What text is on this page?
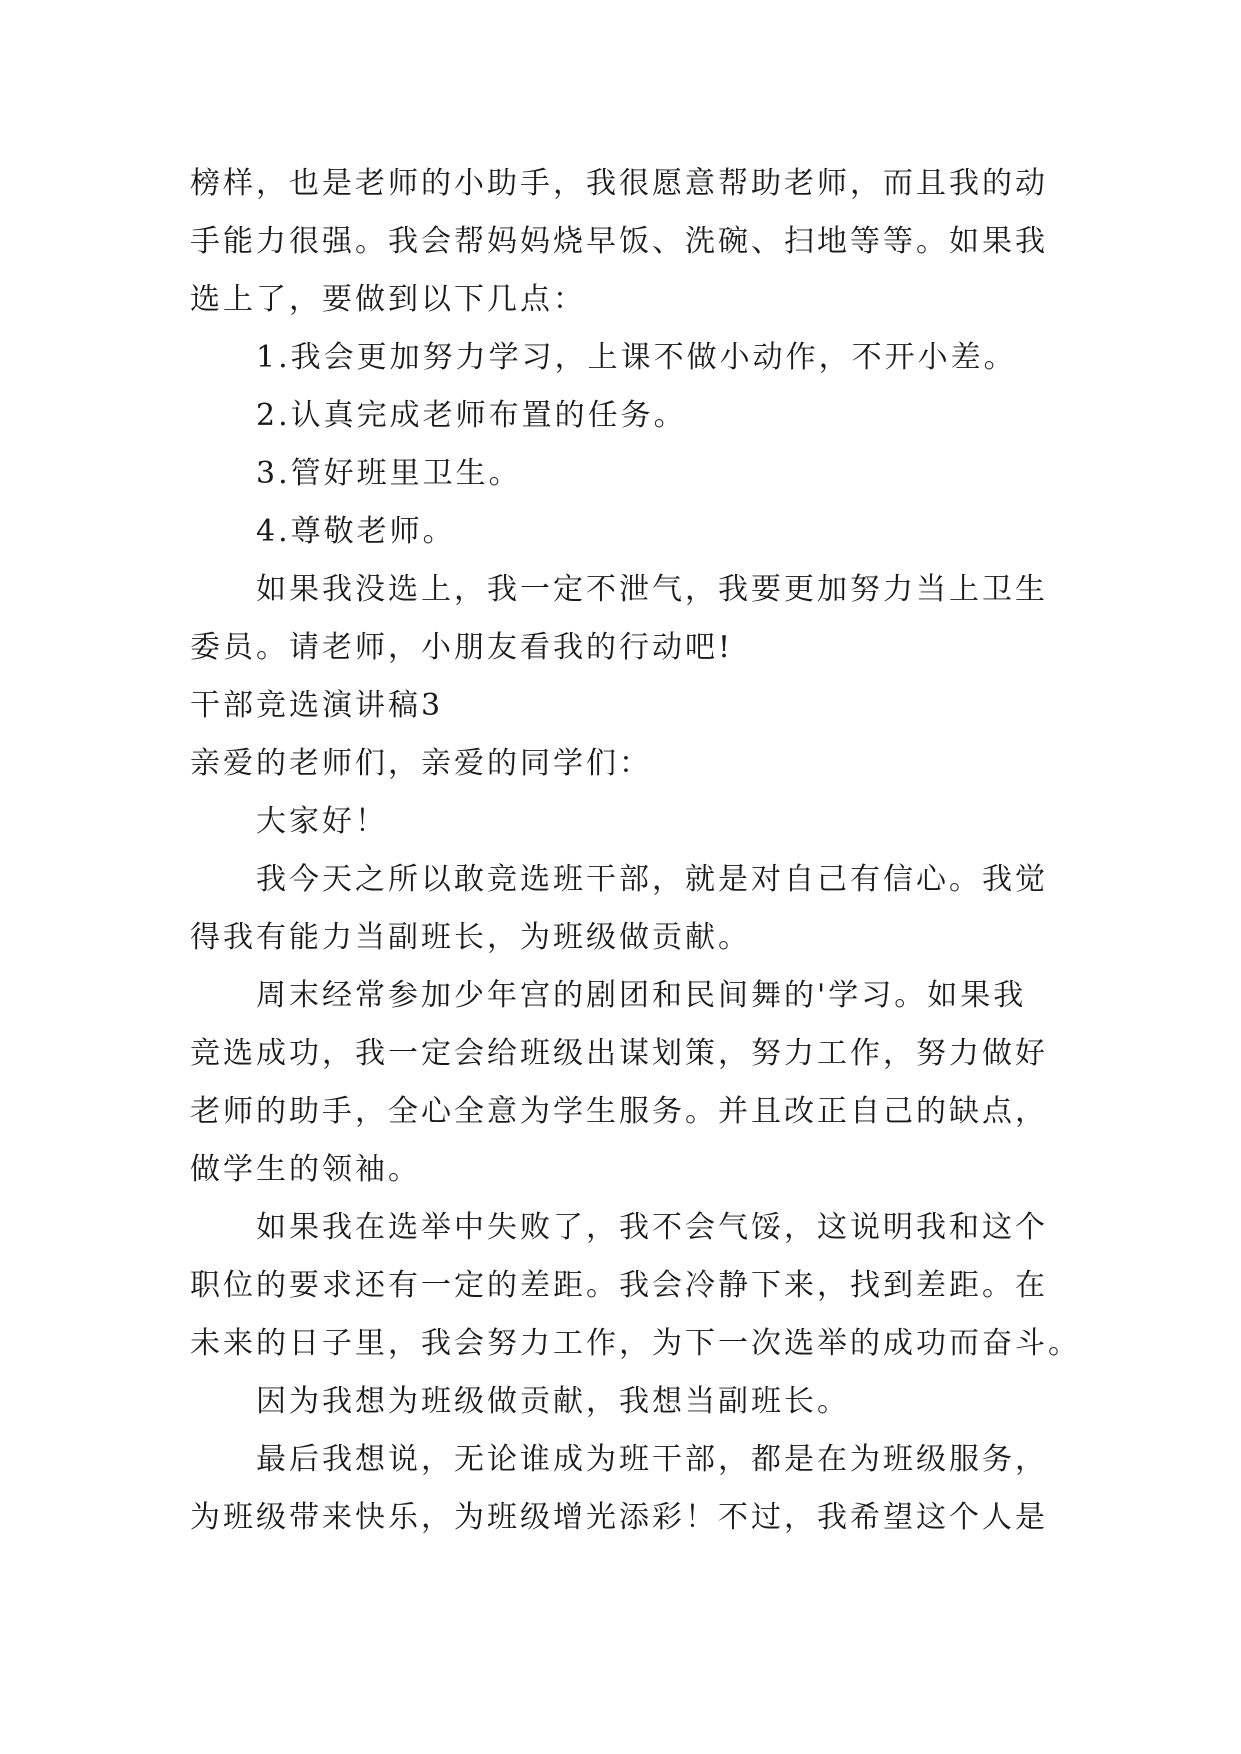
榜样，也是老师的小助手，我很愿意帮助老师，而且我的动
手能力很强。我会帮妈妈烧早饭、洗碗、扫地等等。如果我
选上了，要做到以下几点：
1.我会更加努力学习，上课不做小动作，不开小差。
2.认真完成老师布置的任务。
3.管好班里卫生。
4.尊敬老师。
如果我没选上，我一定不泄气，我要更加努力当上卫生
委员。请老师，小朋友看我的行动吧!
干部竞选演讲稿3
亲爱的老师们，亲爱的同学们：
大家好！
我今天之所以敢竞选班干部，就是对自己有信心。我觉
得我有能力当副班长，为班级做贡献。
周末经常参加少年宫的剧团和民间舞的'学习。如果我
竞选成功，我一定会给班级出谋划策，努力工作，努力做好
老师的助手，全心全意为学生服务。并且改正自己的缺点，
做学生的领袖。
如果我在选举中失败了，我不会气馁，这说明我和这个
职位的要求还有一定的差距。我会冷静下来，找到差距。在
未来的日子里，我会努力工作，为下一次选举的成功而奋斗。
因为我想为班级做贡献，我想当副班长。
最后我想说，无论谁成为班干部，都是在为班级服务，
为班级带来快乐，为班级增光添彩！不过，我希望这个人是
